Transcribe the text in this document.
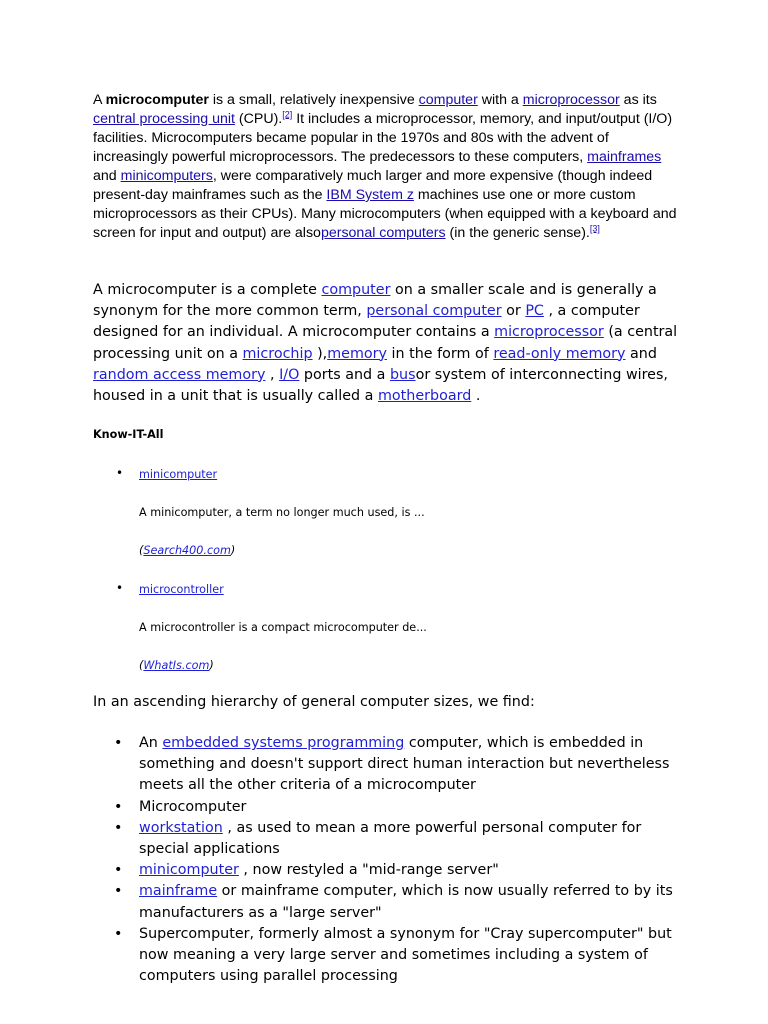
A microcomputer is a small, relatively inexpensive computer with a microprocessor as its central processing unit (CPU).[2] It includes a microprocessor, memory, and input/output (I/O) facilities. Microcomputers became popular in the 1970s and 80s with the advent of increasingly powerful microprocessors. The predecessors to these computers, mainframes and minicomputers, were comparatively much larger and more expensive (though indeed present-day mainframes such as the IBM System z machines use one or more custom microprocessors as their CPUs). Many microcomputers (when equipped with a keyboard and screen for input and output) are alsopersonal computers (in the generic sense).[3]

A microcomputer is a complete computer on a smaller scale and is generally a synonym for the more common term, personal computer or PC , a computer designed for an individual. A microcomputer contains a microprocessor (a central processing unit on a microchip ),memory in the form of read-only memory and random access memory , I/O ports and a busor system of interconnecting wires, housed in a unit that is usually called a motherboard .

Know-IT-All

• minicomputer

A minicomputer, a term no longer much used, is ...

(Search400.com)

• microcontroller

A microcontroller is a compact microcomputer de...

(WhatIs.com)

In an ascending hierarchy of general computer sizes, we find:

• An embedded systems programming computer, which is embedded in something and doesn't support direct human interaction but nevertheless meets all the other criteria of a microcomputer
• Microcomputer
• workstation , as used to mean a more powerful personal computer for special applications
• minicomputer , now restyled a "mid-range server"
• mainframe or mainframe computer, which is now usually referred to by its manufacturers as a "large server"
• Supercomputer, formerly almost a synonym for "Cray supercomputer" but now meaning a very large server and sometimes including a system of computers using parallel processing
